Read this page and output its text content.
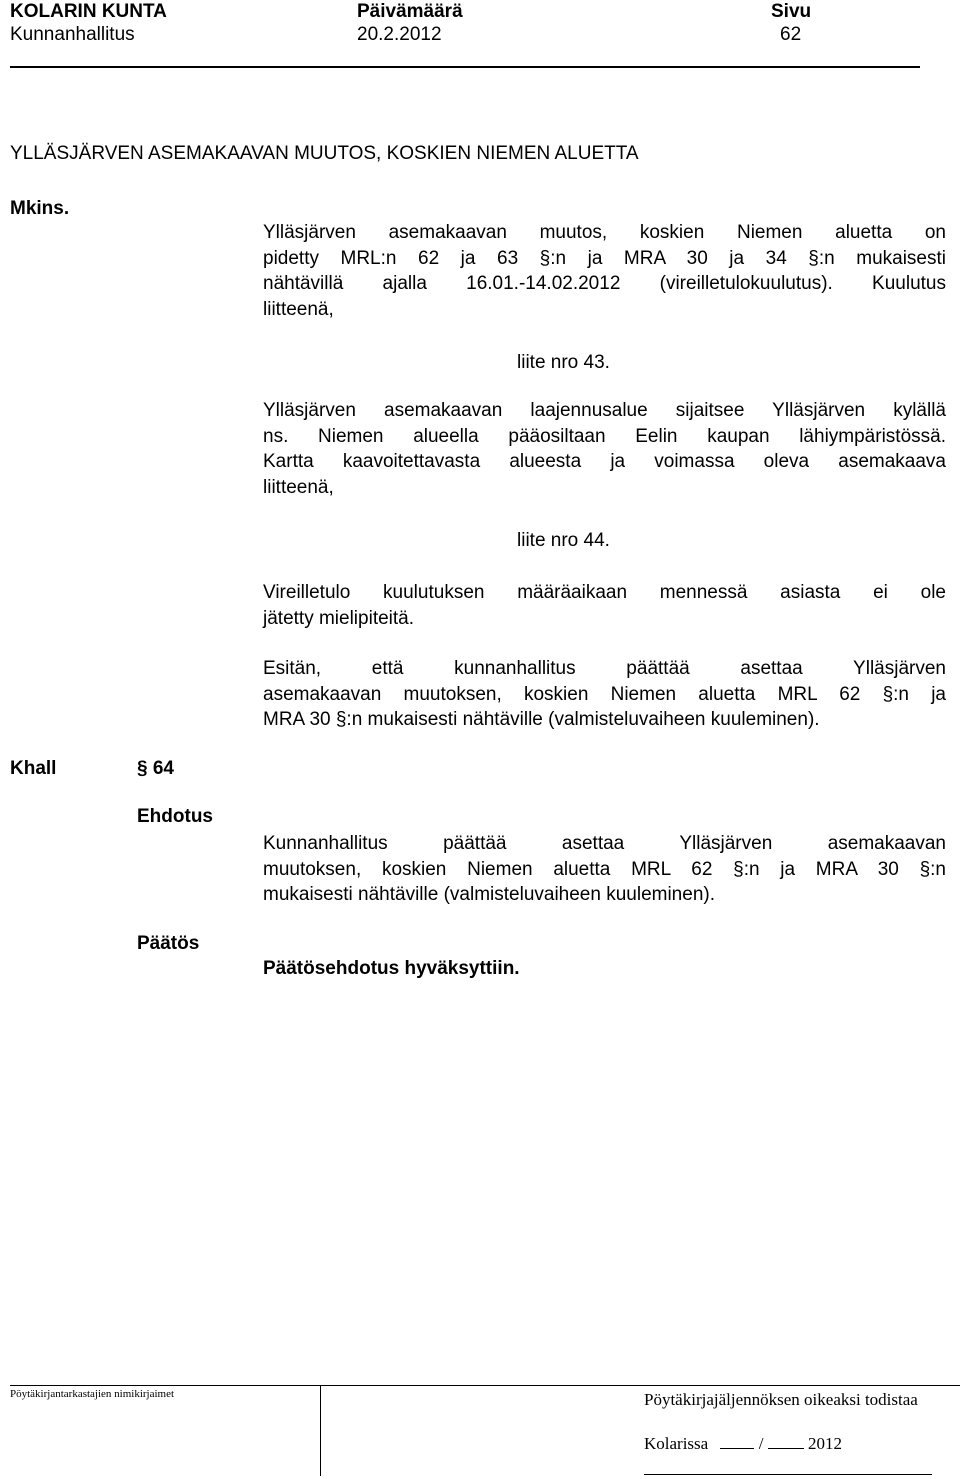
KOLARIN KUNTA
Kunnanhallitus
Päivämäärä
20.2.2012
Sivu
62
YLLÄSJÄRVEN ASEMAKAAVAN MUUTOS, KOSKIEN NIEMEN ALUETTA
Mkins.
Ylläsjärven asemakaavan muutos, koskien Niemen aluetta on
pidetty MRL:n 62 ja 63 §:n ja MRA 30 ja 34 §:n mukaisesti
nähtävillä ajalla 16.01.-14.02.2012 (vireilletulokuulutus). Kuulutus
liitteenä,
liite nro 43.
Ylläsjärven asemakaavan laajennusalue sijaitsee Ylläsjärven kylällä
ns. Niemen alueella pääosiltaan Eelin kaupan lähiympäristössä.
Kartta kaavoitettavasta alueesta ja voimassa oleva asemakaava
liitteenä,
liite nro 44.
Vireilletulo kuulutuksen määräaikaan mennessä asiasta ei ole
jätetty mielipiteitä.
Esitän, että kunnanhallitus päättää asettaa Ylläsjärven
asemakaavan muutoksen, koskien Niemen aluetta MRL 62 §:n ja
MRA 30 §:n mukaisesti nähtäville (valmisteluvaiheen kuuleminen).
Khall	§ 64
Ehdotus
Kunnanhallitus päättää asettaa Ylläsjärven asemakaavan
muutoksen, koskien Niemen aluetta MRL 62 §:n ja MRA 30 §:n
mukaisesti nähtäville (valmisteluvaiheen kuuleminen).
Päätös
Päätösehdotus hyväksyttiin.
Pöytäkirjantarkastajien nimikirjaimet	Pöytäkirjajäljennöksen oikeaksi todistaa
Kolarissa	/	2012
